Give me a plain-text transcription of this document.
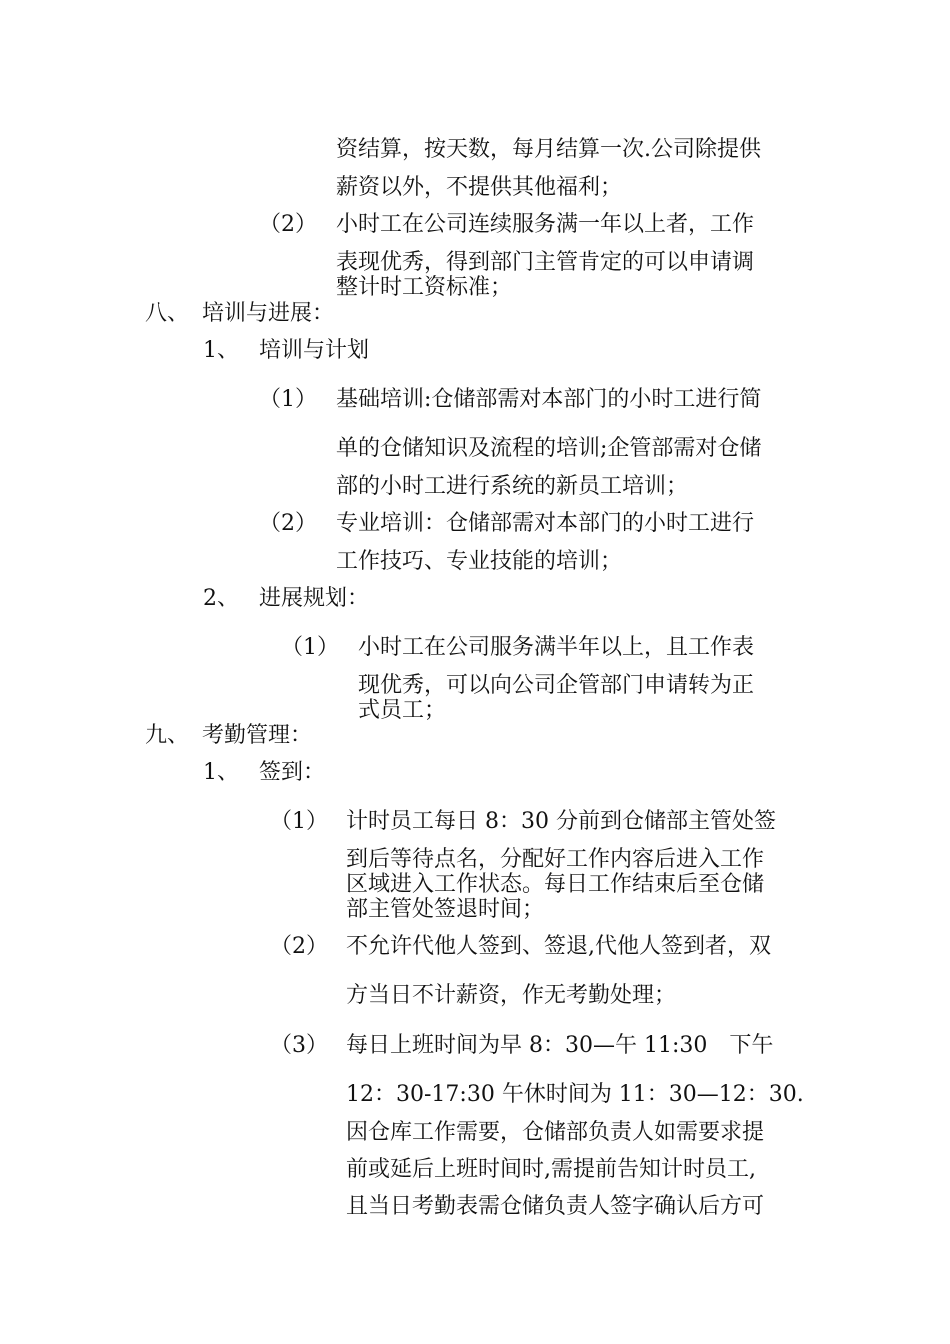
资结算，按天数，每月结算一次.公司除提供
薪资以外，不提供其他福利；
（2） 小时工在公司连续服务满一年以上者，工作
表现优秀，得到部门主管肯定的可以申请调
整计时工资标准；
八、 培训与进展：
1、 培训与计划
（1） 基础培训:仓储部需对本部门的小时工进行简
单的仓储知识及流程的培训;企管部需对仓储
部的小时工进行系统的新员工培训；
（2） 专业培训：仓储部需对本部门的小时工进行
工作技巧、专业技能的培训；
2、 进展规划：
（1） 小时工在公司服务满半年以上，且工作表
现优秀，可以向公司企管部门申请转为正
式员工；
九、 考勤管理：
1、 签到：
（1） 计时员工每日 8：30 分前到仓储部主管处签
到后等待点名，分配好工作内容后进入工作
区域进入工作状态。每日工作结束后至仓储
部主管处签退时间；
（2） 不允许代他人签到、签退,代他人签到者，双
方当日不计薪资，作无考勤处理；
（3） 每日上班时间为早 8：30—午 11:30　下午
12：30-17:30 午休时间为 11：30—12：30.
因仓库工作需要，仓储部负责人如需要求提
前或延后上班时间时,需提前告知计时员工,
且当日考勤表需仓储负责人签字确认后方可
